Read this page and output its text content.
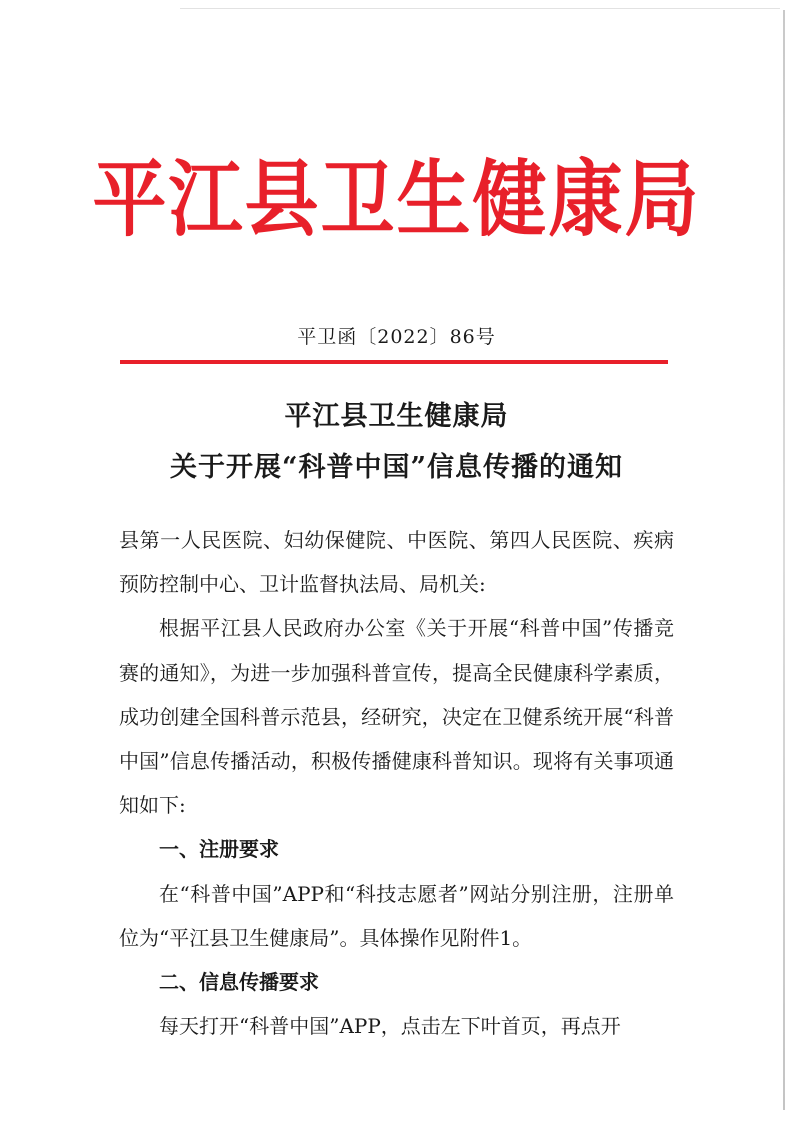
平江县卫生健康局
平卫函〔2022〕86号
平江县卫生健康局
关于开展“科普中国”信息传播的通知

县第一人民医院、妇幼保健院、中医院、第四人民医院、疾病预防控制中心、卫计监督执法局、局机关:

根据平江县人民政府办公室《关于开展“科普中国”传播竞赛的通知》，为进一步加强科普宣传，提高全民健康科学素质，成功创建全国科普示范县，经研究，决定在卫健系统开展“科普中国”信息传播活动，积极传播健康科普知识。现将有关事项通知如下:

一、注册要求

在“科普中国”APP和“科技志愿者”网站分别注册，注册单位为“平江县卫生健康局”。具体操作见附件1。

二、信息传播要求

每天打开“科普中国”APP，点击左下叶首页，再点开
